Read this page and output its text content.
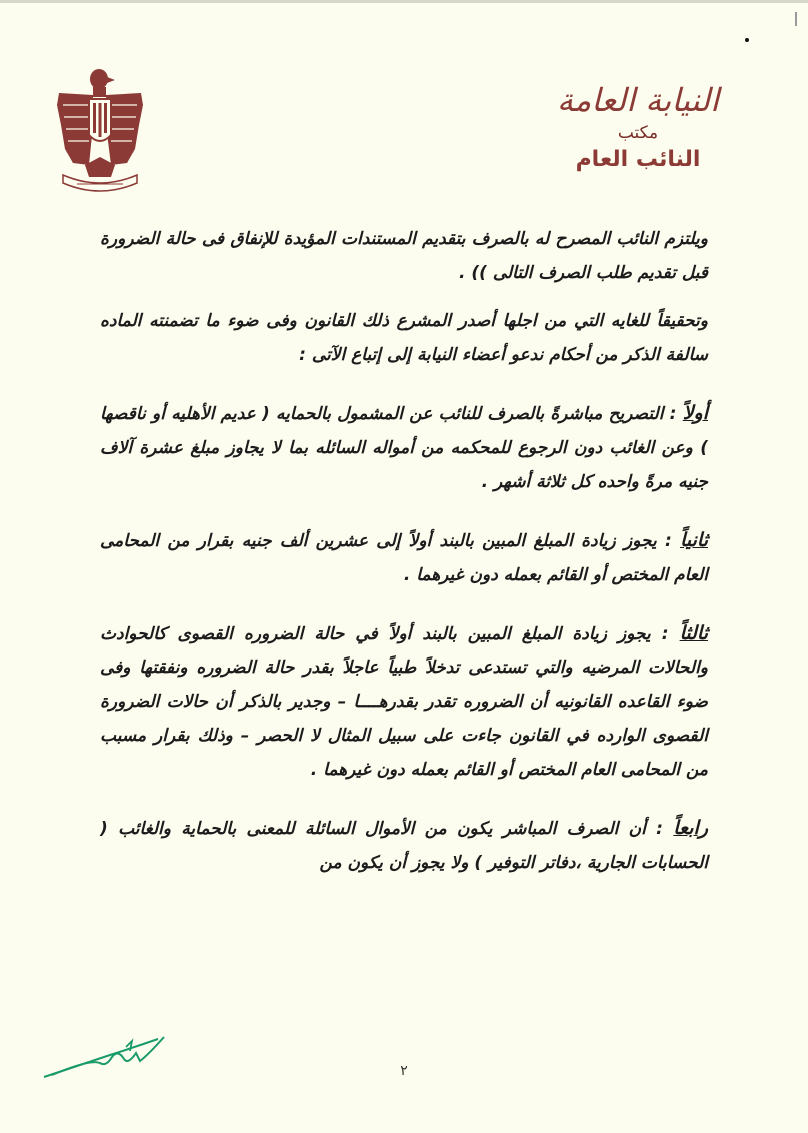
النيابة العامة
مكتب
النائب العام

ويلتزم النائب المصرح له بالصرف بتقديم المستندات المؤيدة للإنفاق فى حالة الضرورة قبل تقديم طلب الصرف التالى )) .

وتحقيقاً للغايه التي من اجلها أصدر المشرع ذلك القانون وفى ضوء ما تضمنته الماده سالفة الذكر من أحكام ندعو أعضاء النيابة إلى إتباع الآتى :

أولاً : التصريح مباشرةً بالصرف للنائب عن المشمول بالحمايه ( عديم الأهليه أو ناقصها ) وعن الغائب دون الرجوع للمحكمه من أمواله السائله بما لا يجاوز مبلغ عشرة آلاف جنيه مرةً واحده كل ثلاثة أشهر .

ثانياً : يجوز زيادة المبلغ المبين بالبند أولاً إلى عشرين ألف جنيه بقرار من المحامى العام المختص أو القائم بعمله دون غيرهما .

ثالثاً : يجوز زيادة المبلغ المبين بالبند أولاً في حالة الضروره القصوى كالحوادث والحالات المرضيه والتي تستدعى تدخلاً طبياً عاجلاً بقدر حالة الضروره ونفقتها وفى ضوء القاعده القانونيه أن الضروره تقدر بقدرهــــا – وجدير بالذكر أن حالات الضرورة القصوى الوارده في القانون جاءت على سبيل المثال لا الحصر – وذلك بقرار مسبب من المحامى العام المختص أو القائم بعمله دون غيرهما .

رابعاً : أن الصرف المباشر يكون من الأموال السائلة للمعنى بالحماية والغائب ( الحسابات الجارية ،دفاتر التوفير ) ولا يجوز أن يكون من

٢
